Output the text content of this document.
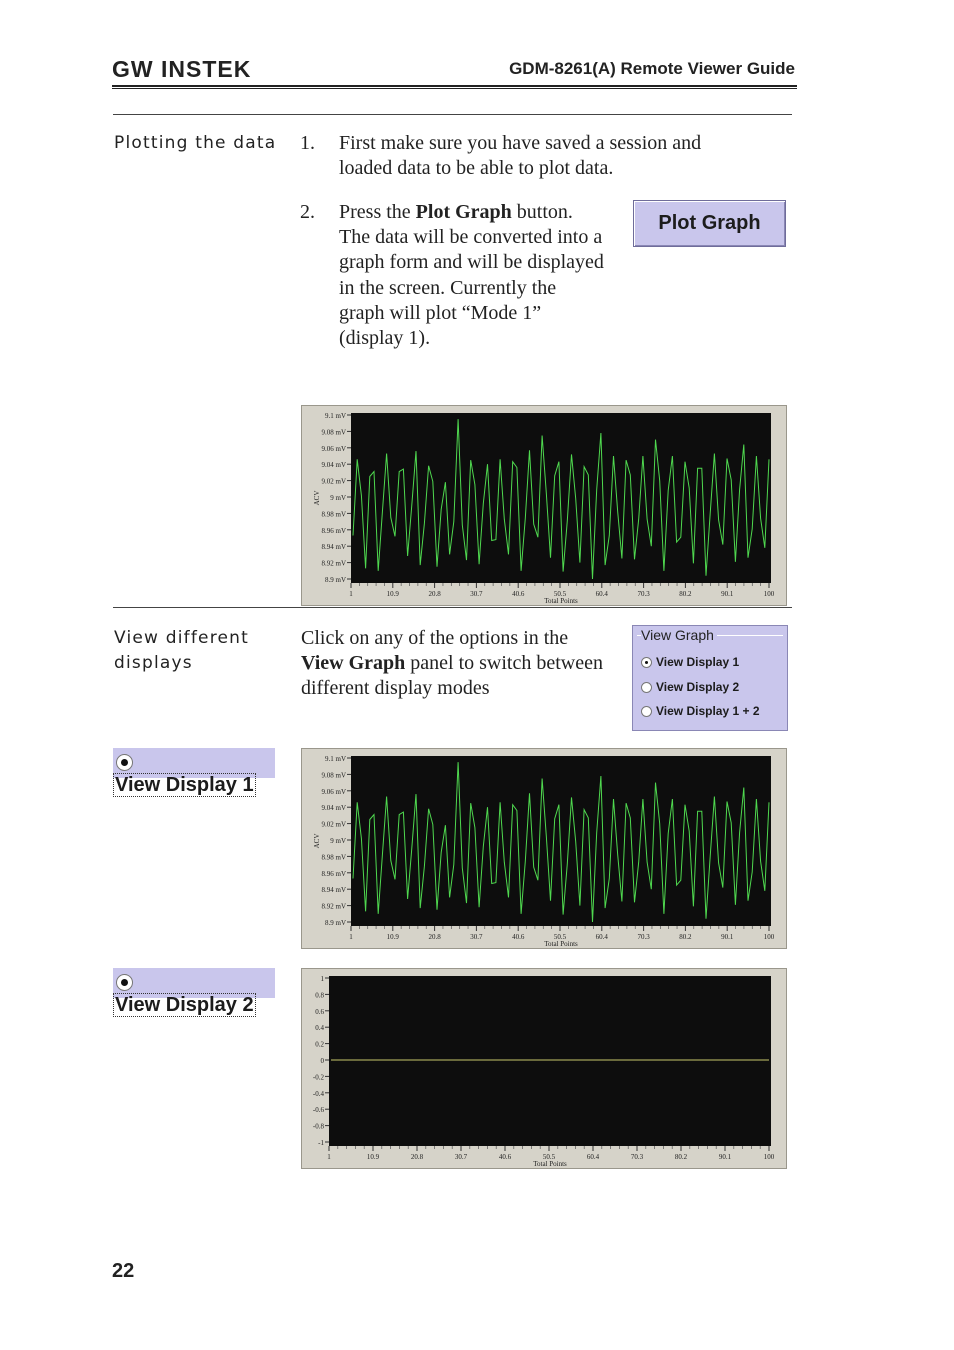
GW INSTEK	GDM-8261(A) Remote Viewer Guide
Plotting the data 1. First make sure you have saved a session and
loaded data to be able to plot data.
2. Press the Plot Graph button.
The data will be converted into a
graph form and will be displayed
in the screen. Currently the
graph will plot “Mode 1”
(display 1).
Plot Graph
9.1 mV
9.08 mV
9.06 mV
9.04 mV
9.02 mV
9 mV
8.98 mV
8.96 mV
8.94 mV
8.92 mV
8.9 mV
1	10.9	20.8	30.7	40.6	50.5	60.4	70.3	80.2	90.1	100
Total Points
ACV
View different
displays
Click on any of the options in the
View Graph panel to switch between
different display modes
View Graph
View Display 1
View Display 2
View Display 1 + 2
View Display 1
9.1 mV
9.08 mV
9.06 mV
9.04 mV
9.02 mV
9 mV
8.98 mV
8.96 mV
8.94 mV
8.92 mV
8.9 mV
1	10.9	20.8	30.7	40.6	50.5	60.4	70.3	80.2	90.1	100
Total Points
ACV
View Display 2
1
0.8
0.6
0.4
0.2
0
-0.2
-0.4
-0.6
-0.8
-1
1	10.9	20.8	30.7	40.6	50.5	60.4	70.3	80.2	90.1	100
Total Points
22
